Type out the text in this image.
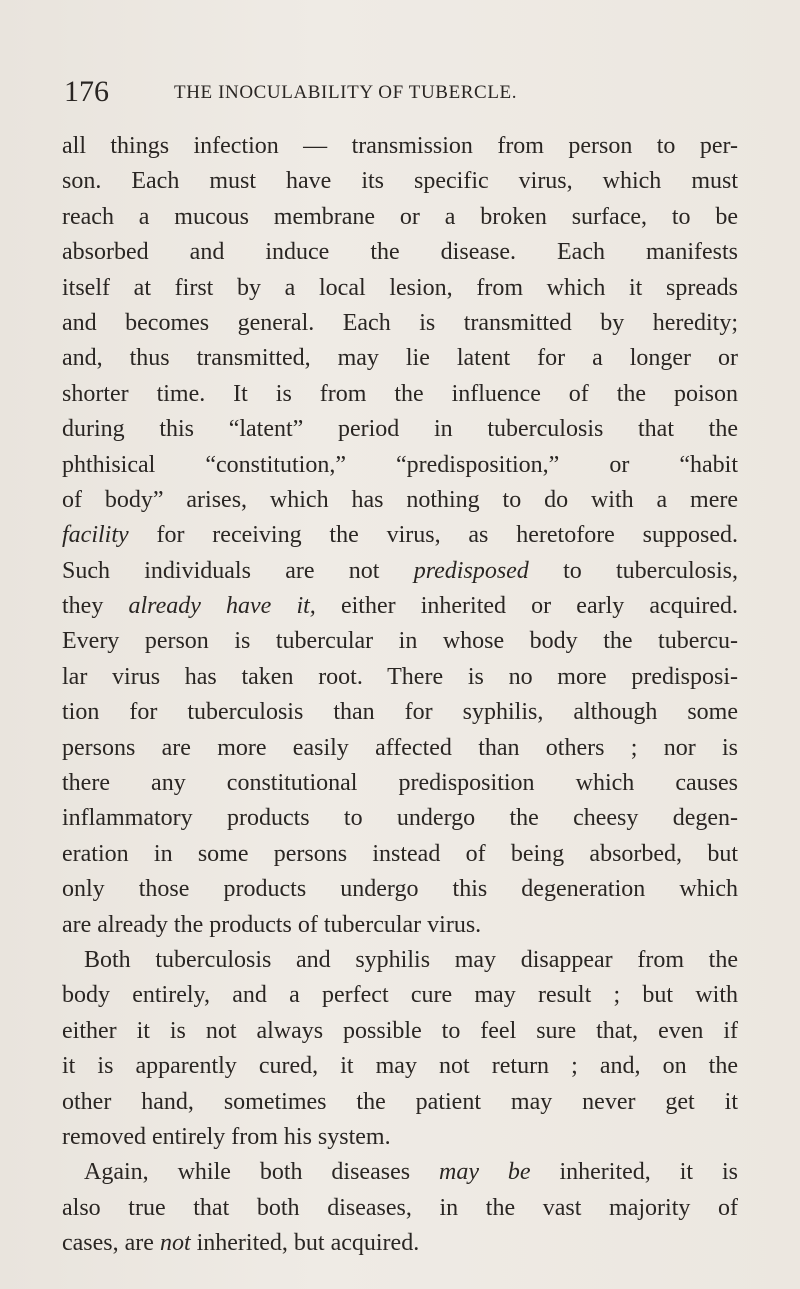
176	THE INOCULABILITY OF TUBERCLE.
all things infection — transmission from person to per-
son. Each must have its specific virus, which must
reach a mucous membrane or a broken surface, to be
absorbed and induce the disease. Each manifests
itself at first by a local lesion, from which it spreads
and becomes general. Each is transmitted by heredity;
and, thus transmitted, may lie latent for a longer or
shorter time. It is from the influence of the poison
during this “latent” period in tuberculosis that the
phthisical “constitution,” “predisposition,” or “habit
of body” arises, which has nothing to do with a mere
facility for receiving the virus, as heretofore supposed.
Such individuals are not predisposed to tuberculosis,
they already have it, either inherited or early acquired.
Every person is tubercular in whose body the tubercu-
lar virus has taken root. There is no more predisposi-
tion for tuberculosis than for syphilis, although some
persons are more easily affected than others ; nor is
there any constitutional predisposition which causes
inflammatory products to undergo the cheesy degen-
eration in some persons instead of being absorbed, but
only those products undergo this degeneration which
are already the products of tubercular virus.
Both tuberculosis and syphilis may disappear from the
body entirely, and a perfect cure may result ; but with
either it is not always possible to feel sure that, even if
it is apparently cured, it may not return ; and, on the
other hand, sometimes the patient may never get it
removed entirely from his system.
Again, while both diseases may be inherited, it is
also true that both diseases, in the vast majority of
cases, are not inherited, but acquired.
